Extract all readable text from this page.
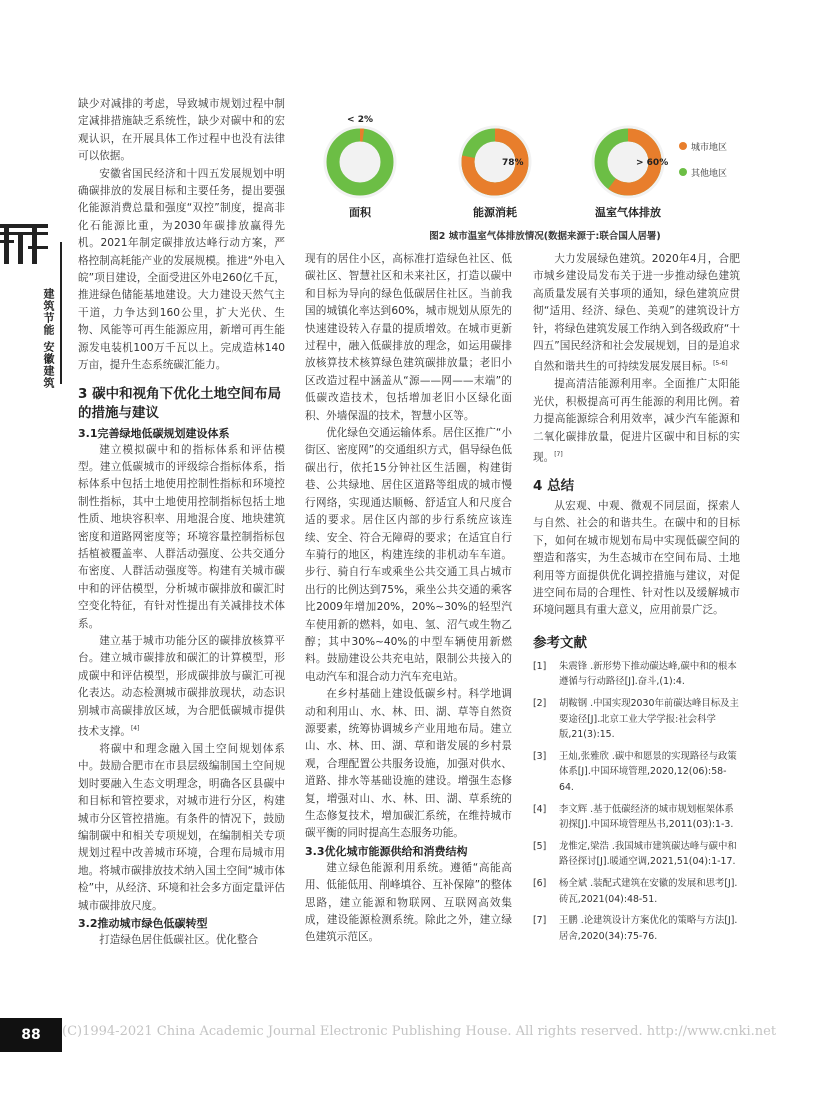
建筑节能 安徽建筑
< 2%
面积
78%
能源消耗
> 60%
温室气体排放
城市地区
其他地区
图2 城市温室气体排放情况(数据来源于:联合国人居署)

缺少对减排的考虑，导致城市规划过程中制定减排措施缺乏系统性，缺少对碳中和的宏观认识，在开展具体工作过程中也没有法律可以依据。

安徽省国民经济和十四五发展规划中明确碳排放的发展目标和主要任务，提出要强化能源消费总量和强度“双控”制度，提高非化石能源比重，为2030年碳排放赢得先机。2021年制定碳排放达峰行动方案，严格控制高耗能产业的发展规模。推进“外电入皖”项目建设，全面受进区外电260亿千瓦，推进绿色储能基地建设。大力建设天然气主干道，力争达到160公里，扩大光伏、生物、风能等可再生能源应用，新增可再生能源发电装机100万千瓦以上。完成造林140万亩，提升生态系统碳汇能力。

3 碳中和视角下优化土地空间布局的措施与建议
3.1完善绿地低碳规划建设体系

建立模拟碳中和的指标体系和评估模型。建立低碳城市的评级综合指标体系，指标体系中包括土地使用控制性指标和环境控制性指标，其中土地使用控制指标包括土地性质、地块容积率、用地混合度、地块建筑密度和道路网密度等；环境容量控制指标包括植被覆盖率、人群活动强度、公共交通分布密度、人群活动强度等。构建有关城市碳中和的评估模型，分析城市碳排放和碳汇时空变化特征，有针对性提出有关减排技术体系。

建立基于城市功能分区的碳排放核算平台。建立城市碳排放和碳汇的计算模型，形成碳中和评估模型，形成碳排放与碳汇可视化表达。动态检测城市碳排放现状，动态识别城市高碳排放区域，为合肥低碳城市提供技术支撑。[4]

将碳中和理念融入国土空间规划体系中。鼓励合肥市在市县层级编制国土空间规划时要融入生态文明理念，明确各区县碳中和目标和管控要求，对城市进行分区，构建城市分区管控措施。有条件的情况下，鼓励编制碳中和相关专项规划，在编制相关专项规划过程中改善城市环境，合理布局城市用地。将城市碳排放技术纳入国土空间“城市体检”中，从经济、环境和社会多方面定量评估城市碳排放尺度。

3.2推动城市绿色低碳转型

打造绿色居住低碳社区。优化整合

现有的居住小区，高标准打造绿色社区、低碳社区、智慧社区和未来社区，打造以碳中和目标为导向的绿色低碳居住社区。当前我国的城镇化率达到60%，城市规划从原先的快速建设转入存量的提质增效。在城市更新过程中，融入低碳排放的理念，如运用碳排放核算技术核算绿色建筑碳排放量；老旧小区改造过程中涵盖从“源——网——末端”的低碳改造技术，包括增加老旧小区绿化面积、外墙保温的技术，智慧小区等。

优化绿色交通运输体系。居住区推广“小街区、密度网”的交通组织方式，倡导绿色低碳出行，依托15分钟社区生活圈，构建街巷、公共绿地、居住区道路等组成的城市慢行网络，实现通达顺畅、舒适宜人和尺度合适的要求。居住区内部的步行系统应该连续、安全、符合无障碍的要求；在适宜自行车骑行的地区，构建连续的非机动车车道。步行、骑自行车或乘坐公共交通工具占城市出行的比例达到75%，乘坐公共交通的乘客比2009年增加20%，20%~30%的轻型汽车使用新的燃料，如电、氢、沼气或生物乙醇；其中30%~40%的中型车辆使用新燃料。鼓励建设公共充电站，限制公共接入的电动汽车和混合动力汽车充电站。

在乡村基础上建设低碳乡村。科学地调动和利用山、水、林、田、湖、草等自然资源要素，统筹协调城乡产业用地布局。建立山、水、林、田、湖、草和谐发展的乡村景观，合理配置公共服务设施，加强对供水、道路、排水等基础设施的建设。增强生态修复，增强对山、水、林、田、湖、草系统的生态修复技术，增加碳汇系统，在维持城市碳平衡的同时提高生态服务功能。

3.3优化城市能源供给和消费结构

建立绿色能源利用系统。遵循“高能高用、低能低用、削峰填谷、互补保障”的整体思路，建立能源和物联网、互联网高效集成，建设能源检测系统。除此之外，建立绿色建筑示范区。

大力发展绿色建筑。2020年4月，合肥市城乡建设局发布关于进一步推动绿色建筑高质量发展有关事项的通知，绿色建筑应贯彻“适用、经济、绿色、美观”的建筑设计方针，将绿色建筑发展工作纳入到各级政府“十四五”国民经济和社会发展规划，目的是追求自然和谐共生的可持续发展发展目标。[5-6]

提高清洁能源利用率。全面推广太阳能光伏，积极提高可再生能源的利用比例。着力提高能源综合利用效率，减少汽车能源和二氧化碳排放量，促进片区碳中和目标的实现。[7]

4 总结

从宏观、中观、微观不同层面，探索人与自然、社会的和谐共生。在碳中和的目标下，如何在城市规划布局中实现低碳空间的塑造和落实，为生态城市在空间布局、土地利用等方面提供优化调控措施与建议，对促进空间布局的合理性、针对性以及缓解城市环境问题具有重大意义，应用前景广泛。

参考文献
[1]	朱震锋 .新形势下推动碳达峰,碳中和的根本遵循与行动路径[J].奋斗,(1):4.
[2]	胡鞍钢 .中国实现2030年前碳达峰目标及主要途径[J].北京工业大学学报:社会科学版,21(3):15.
[3]	王灿,张雅欣 .碳中和愿景的实现路径与政策体系[J].中国环境管理,2020,12(06):58-64.
[4]	李文辉 .基于低碳经济的城市规划框架体系初探[J].中国环境管理丛书,2011(03):1-3.
[5]	龙惟定,梁浩 .我国城市建筑碳达峰与碳中和路径探讨[J].暖通空调,2021,51(04):1-17.
[6]	杨全斌 .装配式建筑在安徽的发展和思考[J].砖瓦,2021(04):48-51.
[7]	王鹏 .论建筑设计方案优化的策略与方法[J].居舍,2020(34):75-76.
88	(C)1994-2021 China Academic Journal Electronic Publishing House. All rights reserved. http://www.cnki.net
